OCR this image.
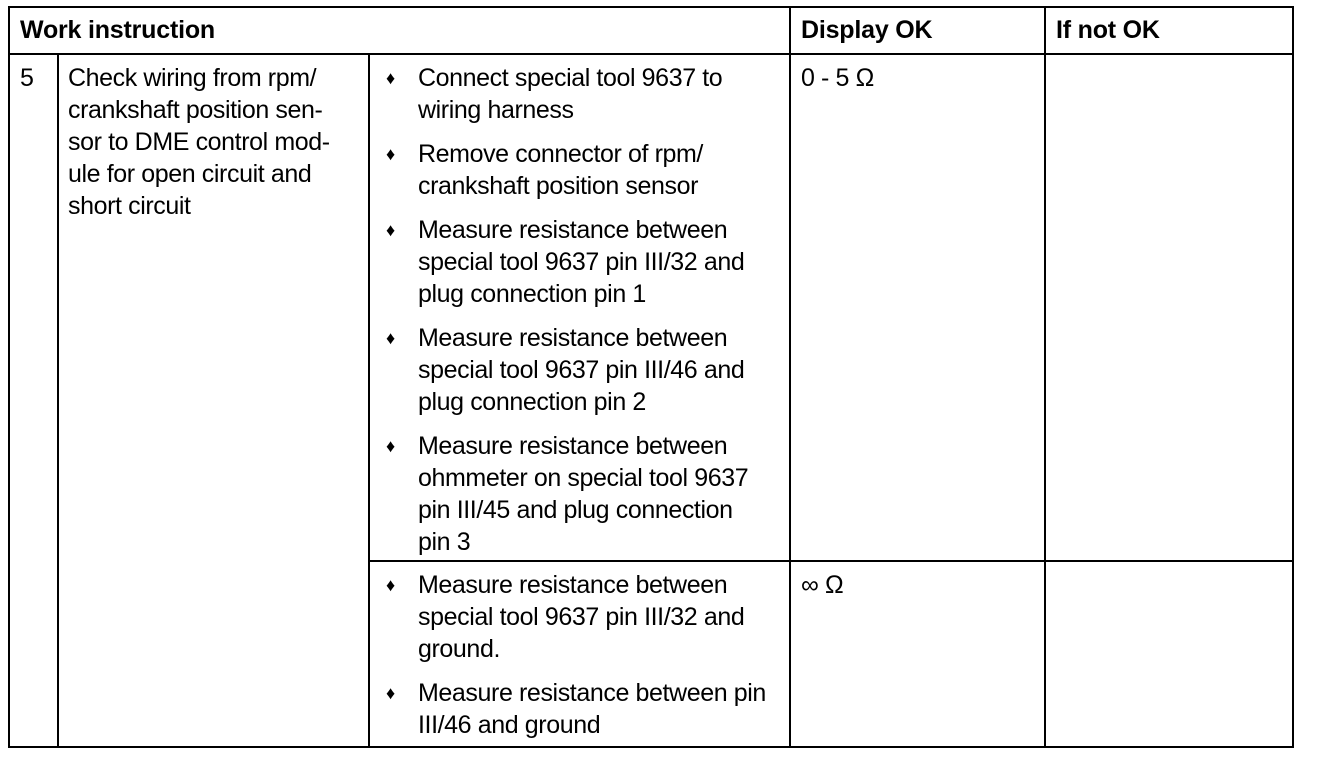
Work instruction	Display OK	If not OK
5 Check wiring from rpm/
crankshaft position sen-
sor to DME control mod-
ule for open circuit and
short circuit
♦ Connect special tool 9637 to
wiring harness
♦ Remove connector of rpm/
crankshaft position sensor
♦ Measure resistance between
special tool 9637 pin III/32 and
plug connection pin 1
♦ Measure resistance between
special tool 9637 pin III/46 and
plug connection pin 2
♦ Measure resistance between
ohmmeter on special tool 9637
pin III/45 and plug connection
pin 3
0 - 5 Ω
♦ Measure resistance between
special tool 9637 pin III/32 and
ground.
♦ Measure resistance between pin
III/46 and ground
∞ Ω
